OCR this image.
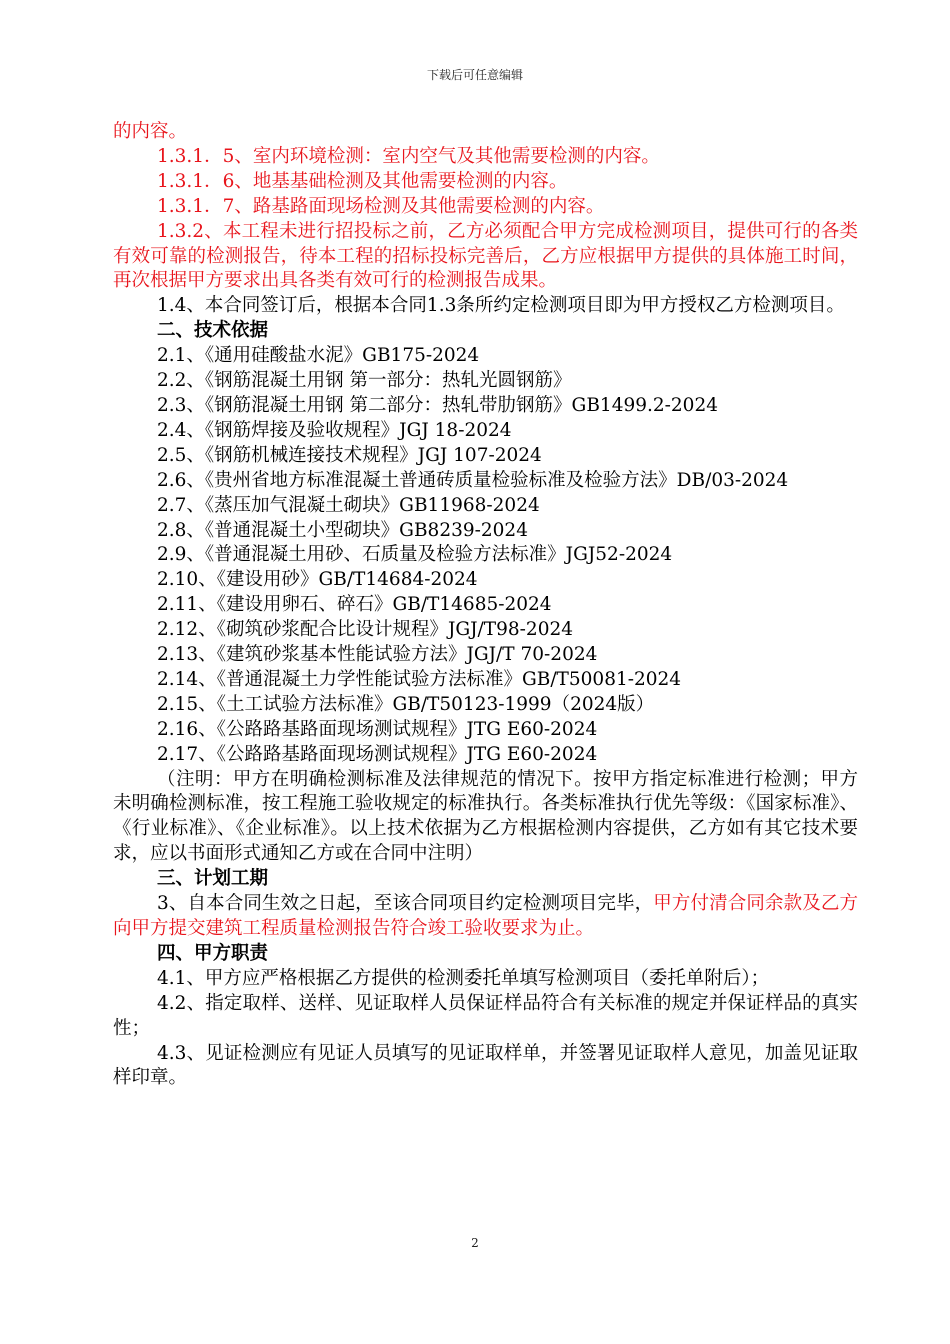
下载后可任意编辑

的内容。

1.3.1．5、室内环境检测：室内空气及其他需要检测的内容。

1.3.1．6、地基基础检测及其他需要检测的内容。

1.3.1．7、路基路面现场检测及其他需要检测的内容。

1.3.2、本工程未进行招投标之前，乙方必须配合甲方完成检测项目，提供可行的各类有效可靠的检测报告，待本工程的招标投标完善后，乙方应根据甲方提供的具体施工时间，再次根据甲方要求出具各类有效可行的检测报告成果。

1.4、本合同签订后，根据本合同1.3条所约定检测项目即为甲方授权乙方检测项目。

二、技术依据

2.1、《通用硅酸盐水泥》GB175-2024

2.2、《钢筋混凝土用钢 第一部分：热轧光圆钢筋》

2.3、《钢筋混凝土用钢 第二部分：热轧带肋钢筋》GB1499.2-2024

2.4、《钢筋焊接及验收规程》JGJ 18-2024

2.5、《钢筋机械连接技术规程》JGJ 107-2024

2.6、《贵州省地方标准混凝土普通砖质量检验标准及检验方法》DB/03-2024

2.7、《蒸压加气混凝土砌块》GB11968-2024

2.8、《普通混凝土小型砌块》GB8239-2024

2.9、《普通混凝土用砂、石质量及检验方法标准》JGJ52-2024

2.10、《建设用砂》GB/T14684-2024

2.11、《建设用卵石、碎石》GB/T14685-2024

2.12、《砌筑砂浆配合比设计规程》JGJ/T98-2024

2.13、《建筑砂浆基本性能试验方法》JGJ/T 70-2024

2.14、《普通混凝土力学性能试验方法标准》GB/T50081-2024

2.15、《土工试验方法标准》GB/T50123-1999（2024版）

2.16、《公路路基路面现场测试规程》JTG E60-2024

2.17、《公路路基路面现场测试规程》JTG E60-2024

（注明：甲方在明确检测标准及法律规范的情况下。按甲方指定标准进行检测；甲方未明确检测标准，按工程施工验收规定的标准执行。各类标准执行优先等级：《国家标准》、《行业标准》、《企业标准》。以上技术依据为乙方根据检测内容提供，乙方如有其它技术要求，应以书面形式通知乙方或在合同中注明）

三、计划工期

3、自本合同生效之日起，至该合同项目约定检测项目完毕，甲方付清合同余款及乙方向甲方提交建筑工程质量检测报告符合竣工验收要求为止。

四、甲方职责

4.1、甲方应严格根据乙方提供的检测委托单填写检测项目（委托单附后）；

4.2、指定取样、送样、见证取样人员保证样品符合有关标准的规定并保证样品的真实性；

4.3、见证检测应有见证人员填写的见证取样单，并签署见证取样人意见，加盖见证取样印章。

2
